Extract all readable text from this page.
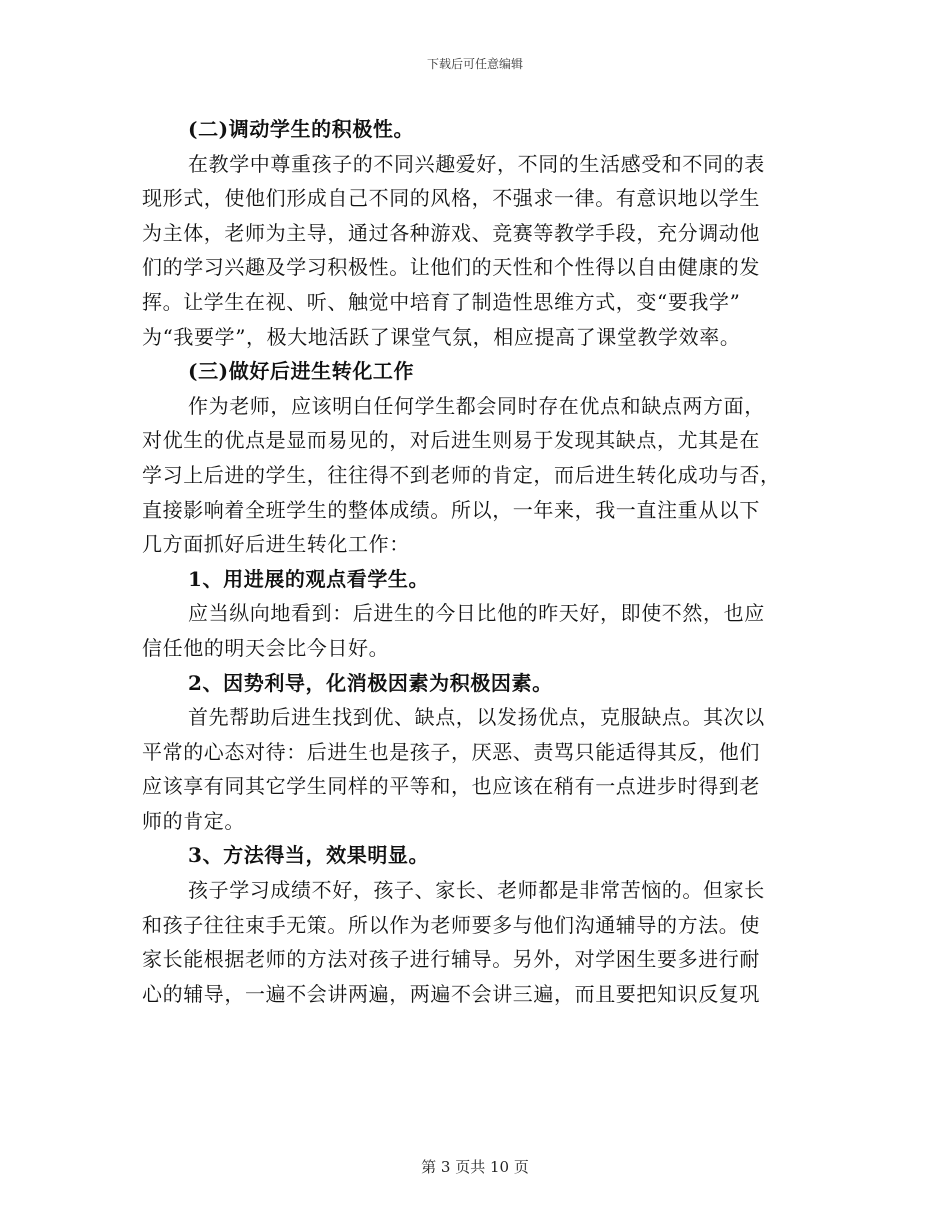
下载后可任意编辑
(二)调动学生的积极性。
在教学中尊重孩子的不同兴趣爱好，不同的生活感受和不同的表
现形式，使他们形成自己不同的风格，不强求一律。有意识地以学生
为主体，老师为主导，通过各种游戏、竞赛等教学手段，充分调动他
们的学习兴趣及学习积极性。让他们的天性和个性得以自由健康的发
挥。让学生在视、听、触觉中培育了制造性思维方式，变“要我学”
为“我要学”，极大地活跃了课堂气氛，相应提高了课堂教学效率。
(三)做好后进生转化工作
作为老师，应该明白任何学生都会同时存在优点和缺点两方面，
对优生的优点是显而易见的，对后进生则易于发现其缺点，尤其是在
学习上后进的学生，往往得不到老师的肯定，而后进生转化成功与否，
直接影响着全班学生的整体成绩。所以，一年来，我一直注重从以下
几方面抓好后进生转化工作：
1、用进展的观点看学生。
应当纵向地看到：后进生的今日比他的昨天好，即使不然，也应
信任他的明天会比今日好。
2、因势利导，化消极因素为积极因素。
首先帮助后进生找到优、缺点，以发扬优点，克服缺点。其次以
平常的心态对待：后进生也是孩子，厌恶、责骂只能适得其反，他们
应该享有同其它学生同样的平等和，也应该在稍有一点进步时得到老
师的肯定。
3、方法得当，效果明显。
孩子学习成绩不好，孩子、家长、老师都是非常苦恼的。但家长
和孩子往往束手无策。所以作为老师要多与他们沟通辅导的方法。使
家长能根据老师的方法对孩子进行辅导。另外，对学困生要多进行耐
心的辅导，一遍不会讲两遍，两遍不会讲三遍，而且要把知识反复巩
第 3 页共 10 页
